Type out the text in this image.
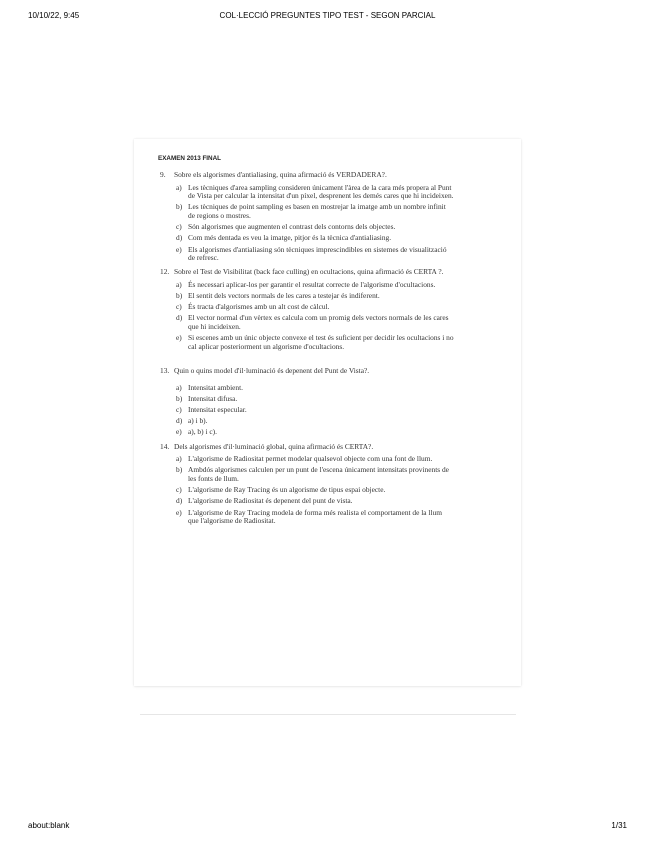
10/10/22, 9:45	COL·LECCIÓ PREGUNTES TIPO TEST - SEGON PARCIAL
EXAMEN 2013 FINAL
9. Sobre els algorismes d'antialiasing, quina afirmació és VERDADERA?.
a) Les tècniques d'area sampling consideren únicament l'àrea de la cara més propera al Punt de Vista per calcular la intensitat d'un píxel, desprenent les demés cares que hi incideixen.
b) Les tècniques de point sampling es basen en mostrejar la imatge amb un nombre infinit de regions o mostres.
c) Són algorismes que augmenten el contrast dels contorns dels objectes.
d) Com més dentada es veu la imatge, pitjor és la tècnica d'antialiasing.
e) Els algorismes d'antialiasing són tècniques imprescindibles en sistemes de visualització de refresc.
12. Sobre el Test de Visibilitat (back face culling) en ocultacions, quina afirmació és CERTA ?.
a) És necessari aplicar-los per garantir el resultat correcte de l'algorisme d'ocultacions.
b) El sentit dels vectors normals de les cares a testejar és indiferent.
c) És tracta d'algorismes amb un alt cost de càlcul.
d) El vector normal d'un vèrtex es calcula com un promig dels vectors normals de les cares que hi incideixen.
e) Si escenes amb un únic objecte convexe el test és suficient per decidir les ocultacions i no cal aplicar posteriorment un algorisme d'ocultacions.
13. Quin o quins model d'il·luminació és depenent del Punt de Vista?.
a) Intensitat ambient.
b) Intensitat difusa.
c) Intensitat especular.
d) a) i b).
e) a), b) i c).
14. Dels algorismes d'il·luminació global, quina afirmació és CERTA?.
a) L'algorisme de Radiositat permet modelar qualsevol objecte com una font de llum.
b) Ambdós algorismes calculen per un punt de l'escena únicament intensitats provinents de les fonts de llum.
c) L'algorisme de Ray Tracing és un algorisme de tipus espai objecte.
d) L'algorisme de Radiositat és depenent del punt de vista.
e) L'algorisme de Ray Tracing modela de forma més realista el comportament de la llum que l'algorisme de Radiositat.
about:blank	1/31
